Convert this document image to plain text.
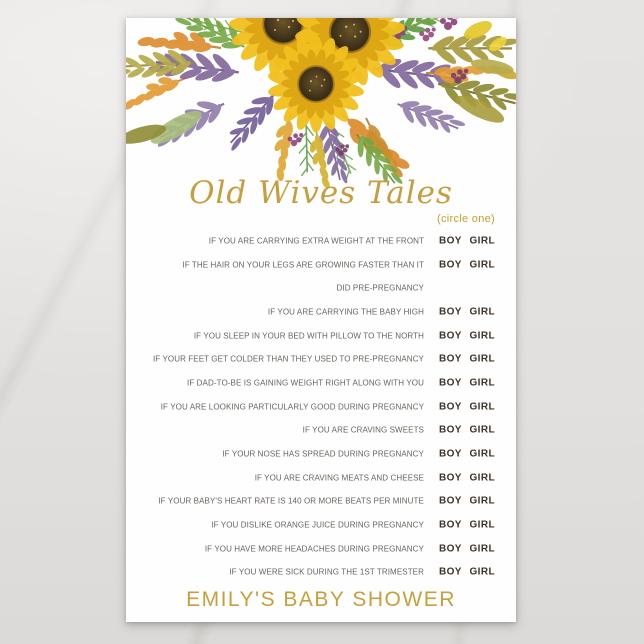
Old Wives Tales
(circle one)
IF YOU ARE CARRYING EXTRA WEIGHT AT THE FRONT BOY GIRL
IF THE HAIR ON YOUR LEGS ARE GROWING FASTER THAN IT BOY GIRL
DID PRE-PREGNANCY
IF YOU ARE CARRYING THE BABY HIGH BOY GIRL
IF YOU SLEEP IN YOUR BED WITH PILLOW TO THE NORTH BOY GIRL
IF YOUR FEET GET COLDER THAN THEY USED TO PRE-PREGNANCY BOY GIRL
IF DAD-TO-BE IS GAINING WEIGHT RIGHT ALONG WITH YOU BOY GIRL
IF YOU ARE LOOKING PARTICULARLY GOOD DURING PREGNANCY BOY GIRL
IF YOU ARE CRAVING SWEETS BOY GIRL
IF YOUR NOSE HAS SPREAD DURING PREGNANCY BOY GIRL
IF YOU ARE CRAVING MEATS AND CHEESE BOY GIRL
IF YOUR BABY'S HEART RATE IS 140 OR MORE BEATS PER MINUTE BOY GIRL
IF YOU DISLIKE ORANGE JUICE DURING PREGNANCY BOY GIRL
IF YOU HAVE MORE HEADACHES DURING PREGNANCY BOY GIRL
IF YOU WERE SICK DURING THE 1ST TRIMESTER BOY GIRL
EMILY'S BABY SHOWER
